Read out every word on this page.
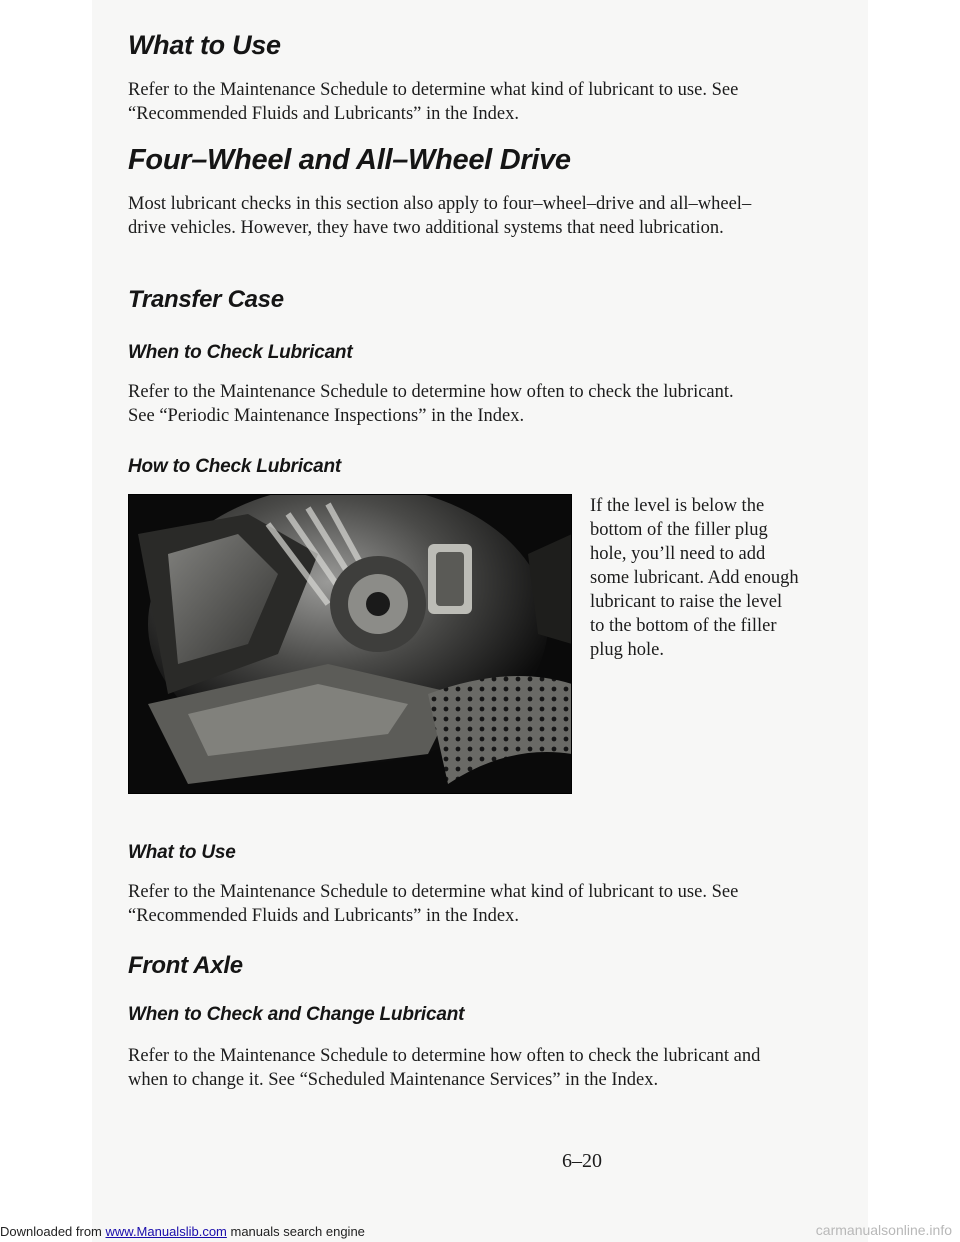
What to Use

Refer to the Maintenance Schedule to determine what kind of lubricant to use. See “Recommended Fluids and Lubricants” in the Index.

Four–Wheel and All–Wheel Drive

Most lubricant checks in this section also apply to four–wheel–drive and all–wheel–drive vehicles. However, they have two additional systems that need lubrication.

Transfer Case
When to Check Lubricant

Refer to the Maintenance Schedule to determine how often to check the lubricant. See “Periodic Maintenance Inspections” in the Index.

How to Check Lubricant

If the level is below the bottom of the filler plug hole, you’ll need to add some lubricant. Add enough lubricant to raise the level to the bottom of the filler plug hole.

What to Use

Refer to the Maintenance Schedule to determine what kind of lubricant to use. See “Recommended Fluids and Lubricants” in the Index.

Front Axle
When to Check and Change Lubricant

Refer to the Maintenance Schedule to determine how often to check the lubricant and when to change it. See “Scheduled Maintenance Services” in the Index.

6–20

Downloaded from www.Manualslib.com manuals search engine	carmanualsonline.info
